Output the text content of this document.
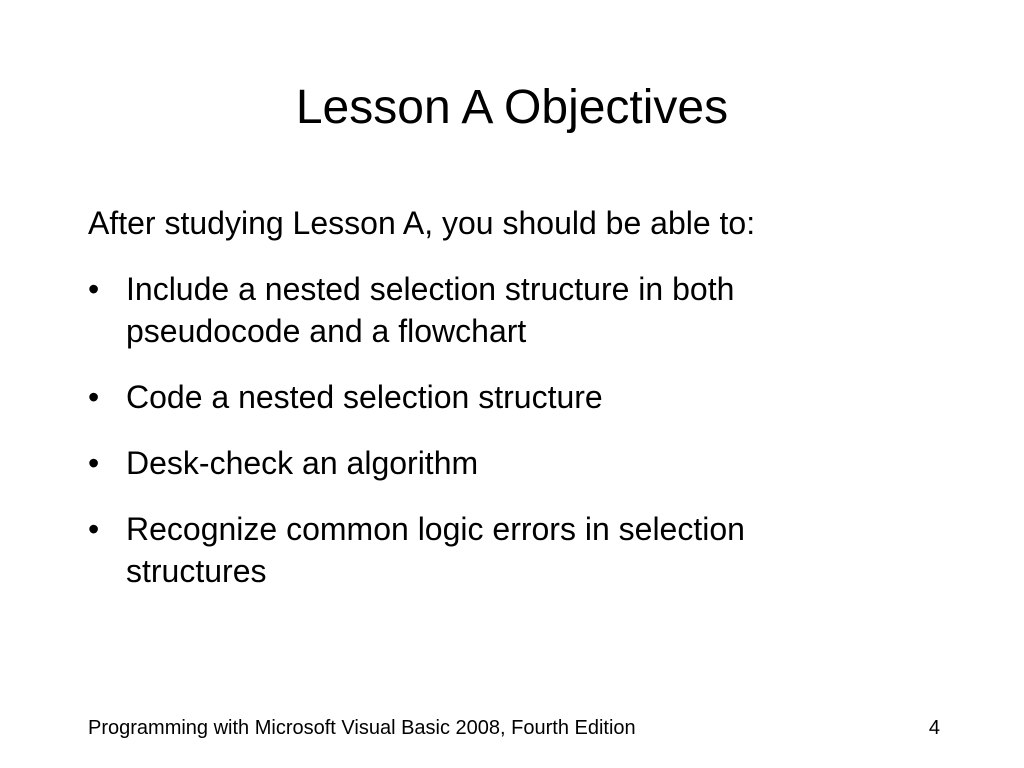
Lesson A Objectives

After studying Lesson A, you should be able to:

• Include a nested selection structure in both pseudocode and a flowchart
• Code a nested selection structure
• Desk-check an algorithm
• Recognize common logic errors in selection structures
Programming with Microsoft Visual Basic 2008, Fourth Edition	4
